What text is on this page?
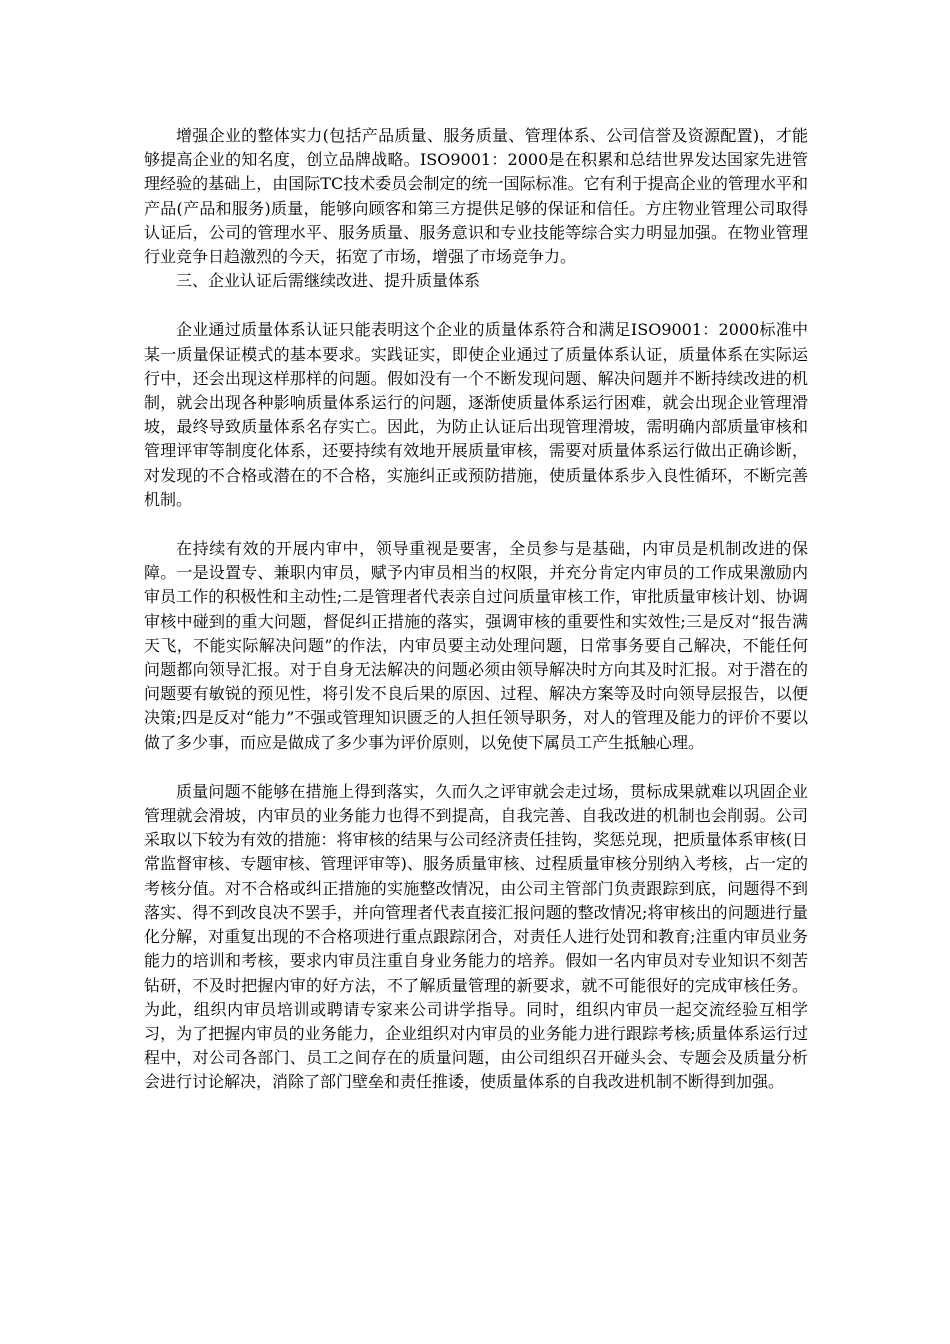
增强企业的整体实力(包括产品质量、服务质量、管理体系、公司信誉及资源配置)，才能够提高企业的知名度，创立品牌战略。ISO9001：2000是在积累和总结世界发达国家先进管理经验的基础上，由国际TC技术委员会制定的统一国际标准。它有利于提高企业的管理水平和产品(产品和服务)质量，能够向顾客和第三方提供足够的保证和信任。方庄物业管理公司取得认证后，公司的管理水平、服务质量、服务意识和专业技能等综合实力明显加强。在物业管理行业竞争日趋激烈的今天，拓宽了市场，增强了市场竞争力。

三、企业认证后需继续改进、提升质量体系

企业通过质量体系认证只能表明这个企业的质量体系符合和满足ISO9001：2000标准中某一质量保证模式的基本要求。实践证实，即使企业通过了质量体系认证，质量体系在实际运行中，还会出现这样那样的问题。假如没有一个不断发现问题、解决问题并不断持续改进的机制，就会出现各种影响质量体系运行的问题，逐渐使质量体系运行困难，就会出现企业管理滑坡，最终导致质量体系名存实亡。因此，为防止认证后出现管理滑坡，需明确内部质量审核和管理评审等制度化体系，还要持续有效地开展质量审核，需要对质量体系运行做出正确诊断，对发现的不合格或潜在的不合格，实施纠正或预防措施，使质量体系步入良性循环，不断完善机制。

在持续有效的开展内审中，领导重视是要害，全员参与是基础，内审员是机制改进的保障。一是设置专、兼职内审员，赋予内审员相当的权限，并充分肯定内审员的工作成果激励内审员工作的积极性和主动性;二是管理者代表亲自过问质量审核工作，审批质量审核计划、协调审核中碰到的重大问题，督促纠正措施的落实，强调审核的重要性和实效性;三是反对“报告满天飞，不能实际解决问题”的作法，内审员要主动处理问题，日常事务要自己解决，不能任何问题都向领导汇报。对于自身无法解决的问题必须由领导解决时方向其及时汇报。对于潜在的问题要有敏锐的预见性，将引发不良后果的原因、过程、解决方案等及时向领导层报告，以便决策;四是反对“能力”不强或管理知识匮乏的人担任领导职务，对人的管理及能力的评价不要以做了多少事，而应是做成了多少事为评价原则，以免使下属员工产生抵触心理。

质量问题不能够在措施上得到落实，久而久之评审就会走过场，贯标成果就难以巩固企业管理就会滑坡，内审员的业务能力也得不到提高，自我完善、自我改进的机制也会削弱。公司采取以下较为有效的措施：将审核的结果与公司经济责任挂钩，奖惩兑现，把质量体系审核(日常监督审核、专题审核、管理评审等)、服务质量审核、过程质量审核分别纳入考核，占一定的考核分值。对不合格或纠正措施的实施整改情况，由公司主管部门负责跟踪到底，问题得不到落实、得不到改良决不罢手，并向管理者代表直接汇报问题的整改情况;将审核出的问题进行量化分解，对重复出现的不合格项进行重点跟踪闭合，对责任人进行处罚和教育;注重内审员业务能力的培训和考核，要求内审员注重自身业务能力的培养。假如一名内审员对专业知识不刻苦钻研，不及时把握内审的好方法，不了解质量管理的新要求，就不可能很好的完成审核任务。为此，组织内审员培训或聘请专家来公司讲学指导。同时，组织内审员一起交流经验互相学习，为了把握内审员的业务能力，企业组织对内审员的业务能力进行跟踪考核;质量体系运行过程中，对公司各部门、员工之间存在的质量问题，由公司组织召开碰头会、专题会及质量分析会进行讨论解决，消除了部门壁垒和责任推诿，使质量体系的自我改进机制不断得到加强。
